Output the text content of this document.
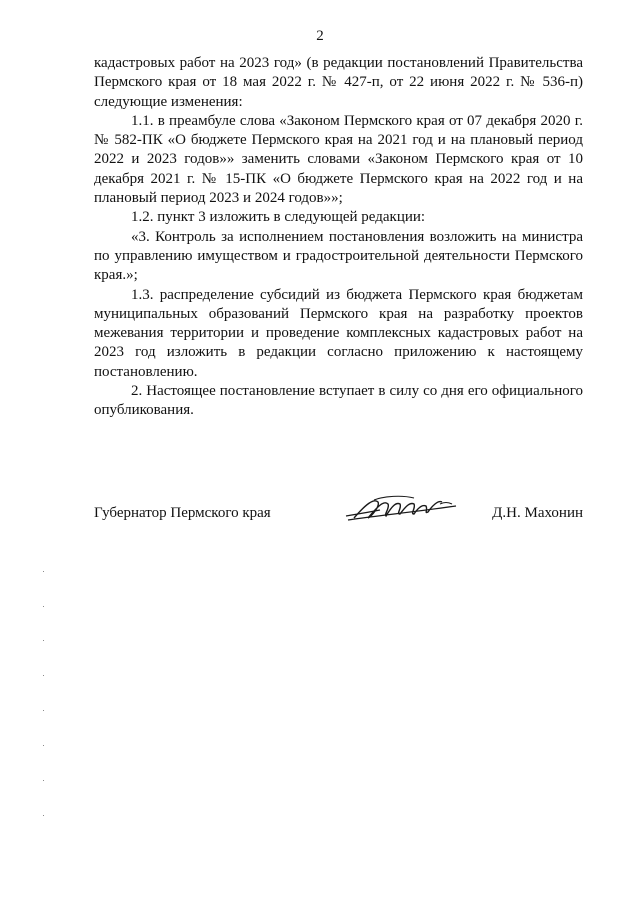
2

кадастровых работ на 2023 год» (в редакции постановлений Правительства Пермского края от 18 мая 2022 г. № 427-п, от 22 июня 2022 г. № 536-п) следующие изменения:

1.1. в преамбуле слова «Законом Пермского края от 07 декабря 2020 г. № 582-ПК «О бюджете Пермского края на 2021 год и на плановый период 2022 и 2023 годов»» заменить словами «Законом Пермского края от 10 декабря 2021 г. № 15-ПК «О бюджете Пермского края на 2022 год и на плановый период 2023 и 2024 годов»»;

1.2. пункт 3 изложить в следующей редакции:

«3. Контроль за исполнением постановления возложить на министра по управлению имуществом и градостроительной деятельности Пермского края.»;

1.3. распределение субсидий из бюджета Пермского края бюджетам муниципальных образований Пермского края на разработку проектов межевания территории и проведение комплексных кадастровых работ на 2023 год изложить в редакции согласно приложению к настоящему постановлению.

2. Настоящее постановление вступает в силу со дня его официального опубликования.

Губернатор Пермского края	Д.Н. Махонин
